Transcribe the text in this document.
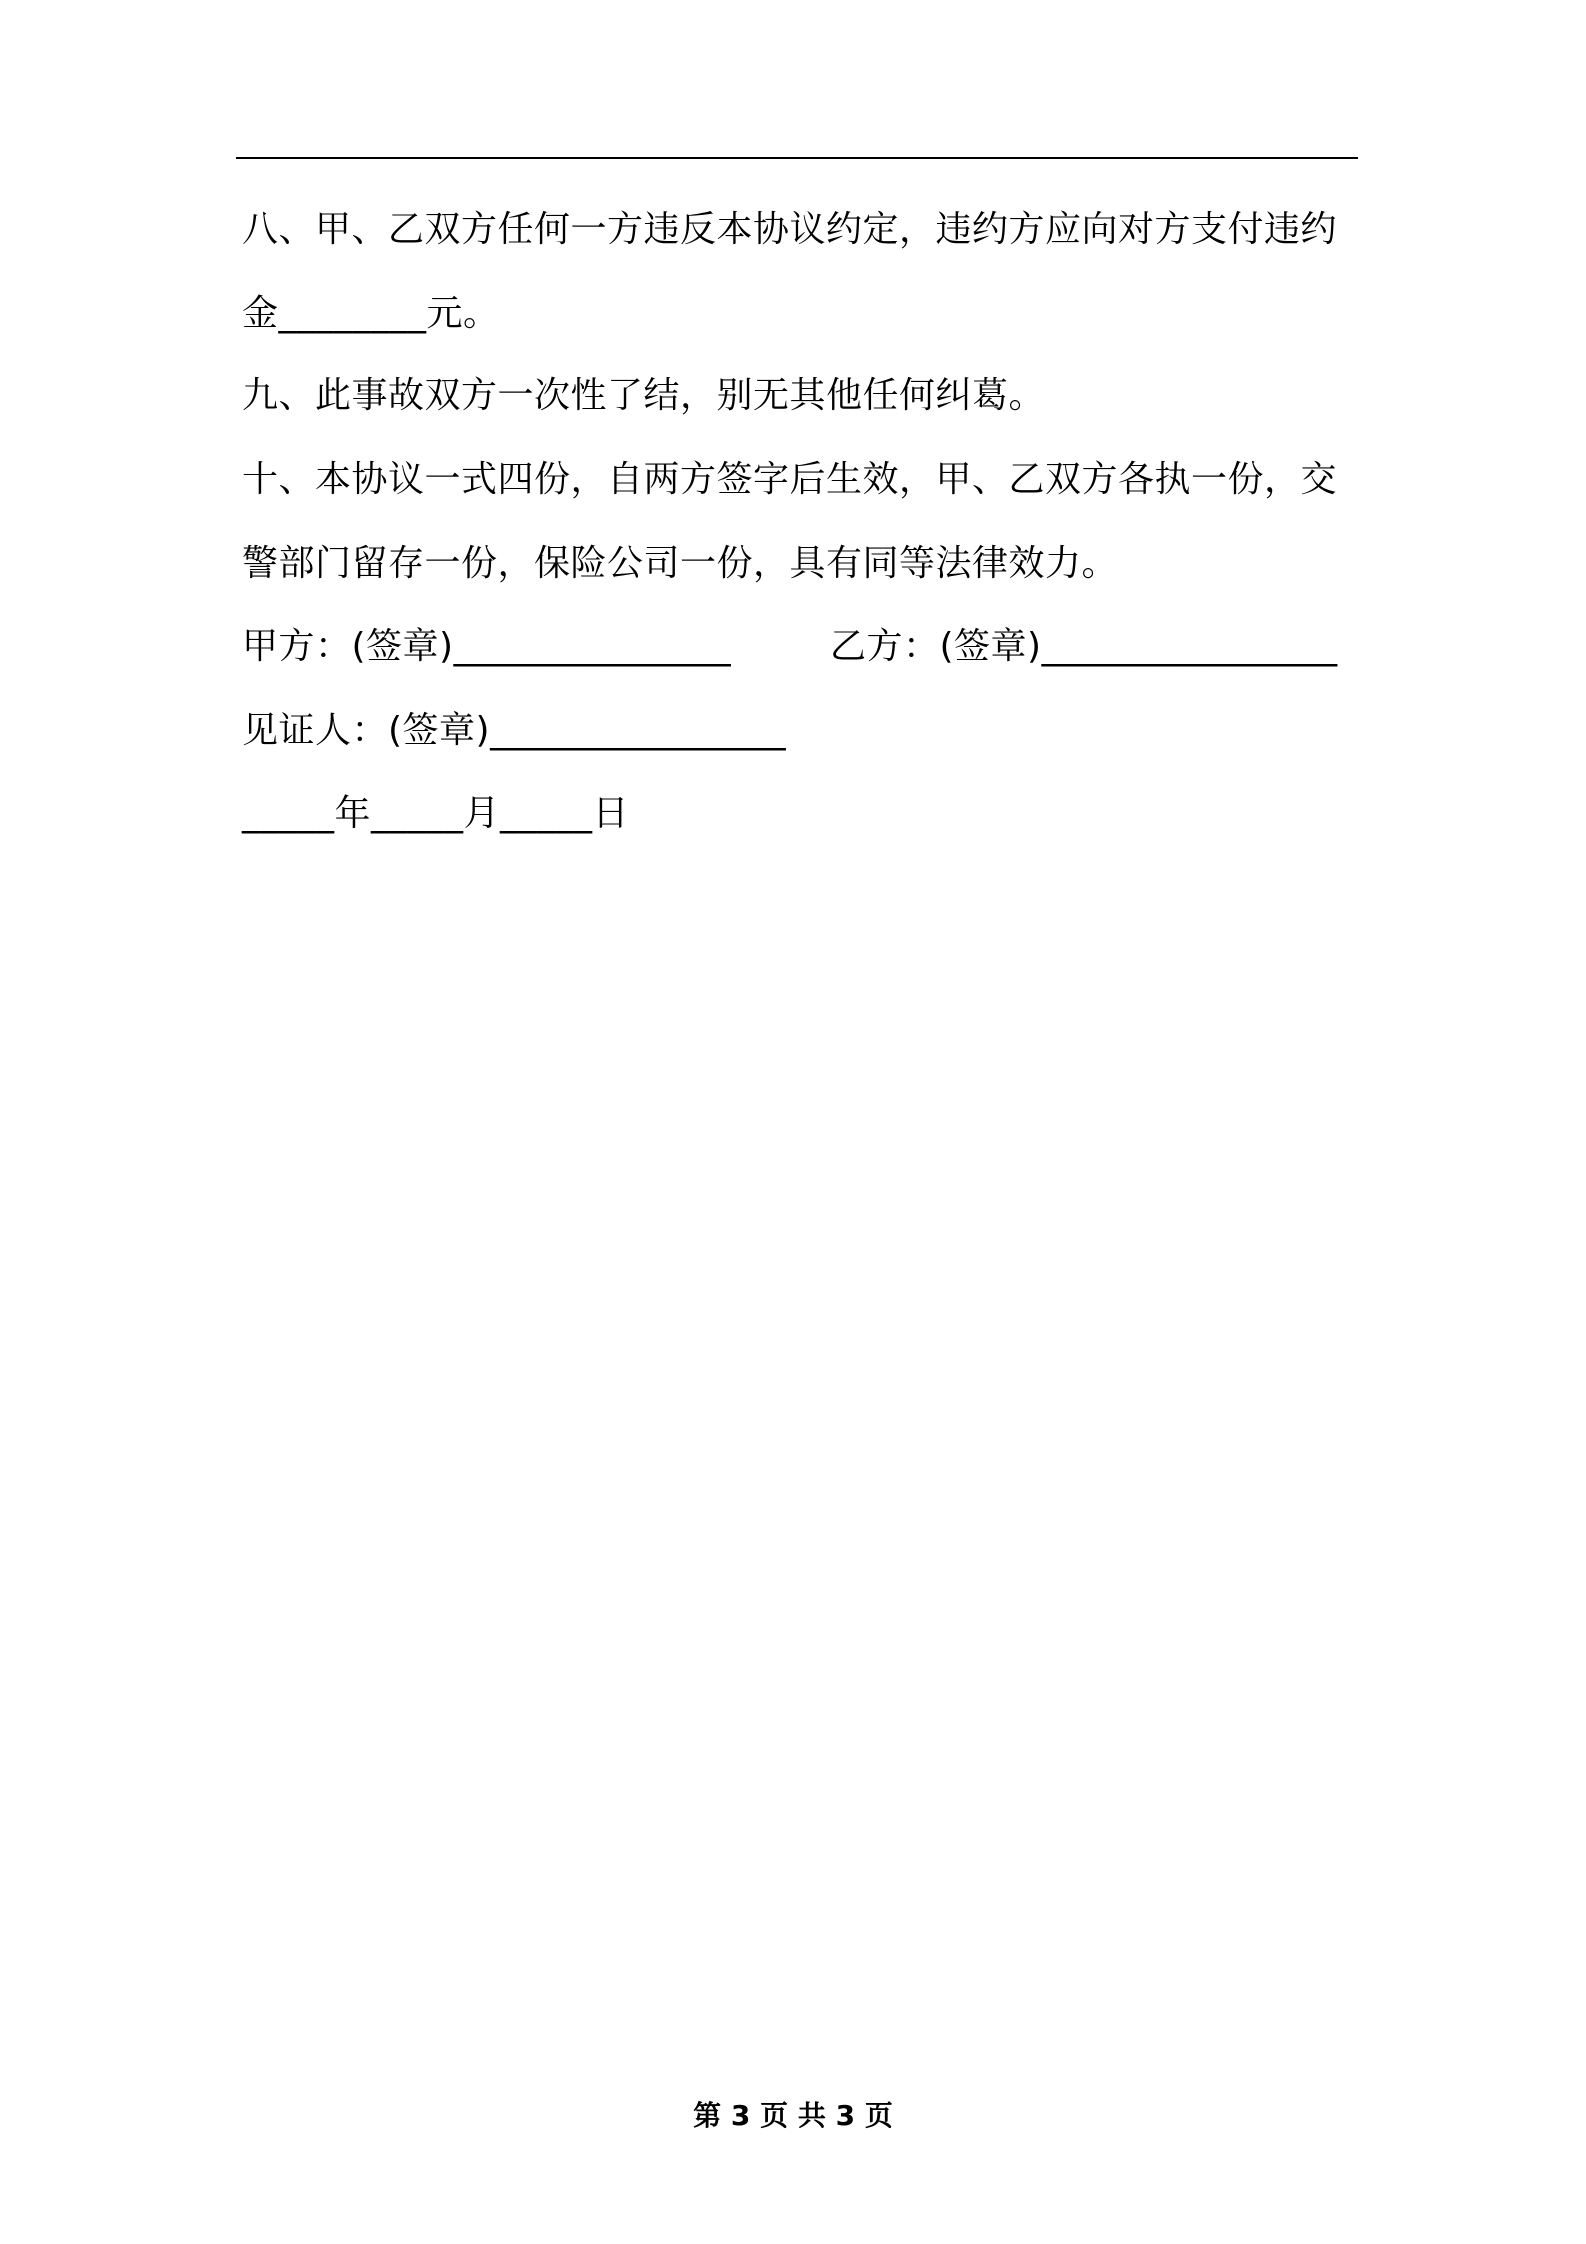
八、甲、乙双方任何一方违反本协议约定，违约方应向对方支付违约
金________元。
九、此事故双方一次性了结，别无其他任何纠葛。
十、本协议一式四份，自两方签字后生效，甲、乙双方各执一份，交
警部门留存一份，保险公司一份，具有同等法律效力。
甲方：(签章)_______________	乙方：(签章)________________
见证人：(签章)________________
_____年_____月_____日
第 3 页 共 3 页
